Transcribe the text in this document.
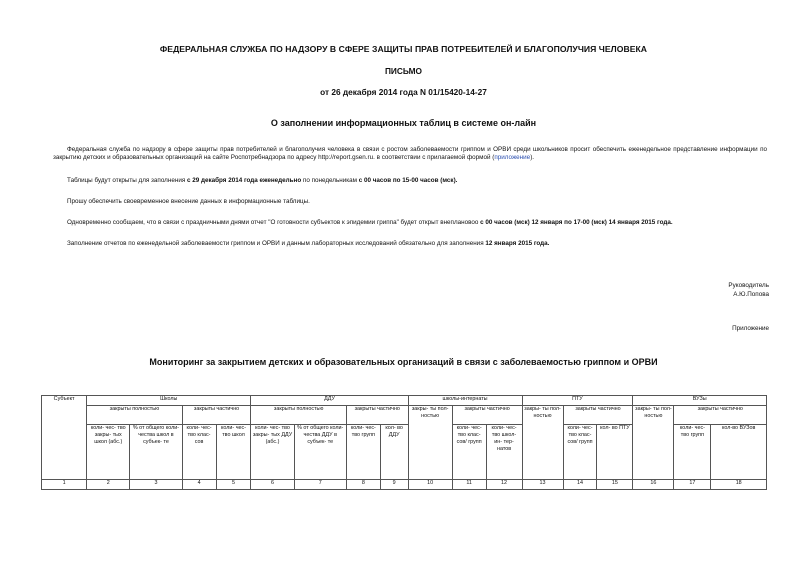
ФЕДЕРАЛЬНАЯ СЛУЖБА ПО НАДЗОРУ В СФЕРЕ ЗАЩИТЫ ПРАВ ПОТРЕБИТЕЛЕЙ И БЛАГОПОЛУЧИЯ ЧЕЛОВЕКА
ПИСЬМО
от 26 декабря 2014 года N 01/15420-14-27
О заполнении информационных таблиц в системе он-лайн
Федеральная служба по надзору в сфере защиты прав потребителей и благополучия человека в связи с ростом заболеваемости гриппом и ОРВИ среди школьников просит обеспечить еженедельное представление информации по закрытию детских и образовательных организаций на сайте Роспотребнадзора по адресу http://report.gsen.ru. в соответствии с прилагаемой формой (приложение).
Таблицы будут открыты для заполнения с 29 декабря 2014 года еженедельно по понедельникам с 00 часов по 15-00 часов (мск).
Прошу обеспечить своевременное внесение данных в информационные таблицы.
Одновременно сообщаем, что в связи с праздничными днями отчет "О готовности субъектов к эпидемии гриппа" будет открыт внеплановоо с 00 часов (мск) 12 января по 17-00 (мск) 14 января 2015 года.
Заполнение отчетов по еженедельной заболеваемости гриппом и ОРВИ и данным лабораторных исследований обязательно для заполнения 12 января 2015 года.
Руководитель
А.Ю.Попова
Приложение
Мониторинг за закрытием детских и образовательных организаций в связи с заболеваемостью гриппом и ОРВИ
Субъект	Школы				ДДУ				школы-интернаты			ПТУ			ВУЗы		
	закрыты полностью		закрыты частично		закрыты полностью		закрыты частично		закры- ты пол- ностью	закрыты частично		закры- ты пол- ностью	закрыты частично		закры- ты пол- ностью	закрыты частично	
	коли- чес- тво закры- тых школ (абс.)	% от общего коли- чества школ в субъек- те	коли- чес- тво клас- сов	коли- чес- тво школ	коли- чес- тво закры- тых ДДУ (абс.)	% от общего коли- чества ДДУ в субъек- те	коли- чес- тво групп	кол- во ДДУ		коли- чес- тво клас- сов/ групп	коли- чес- тво школ- ин- тер- натов		коли- чес- тво клас- сов/ групп	кол- во ПТУ		коли- чес- тво групп	кол-во ВУЗов
1	2	3	4	5	6	7	8	9	10	11	12	13	14	15	16	17	18
